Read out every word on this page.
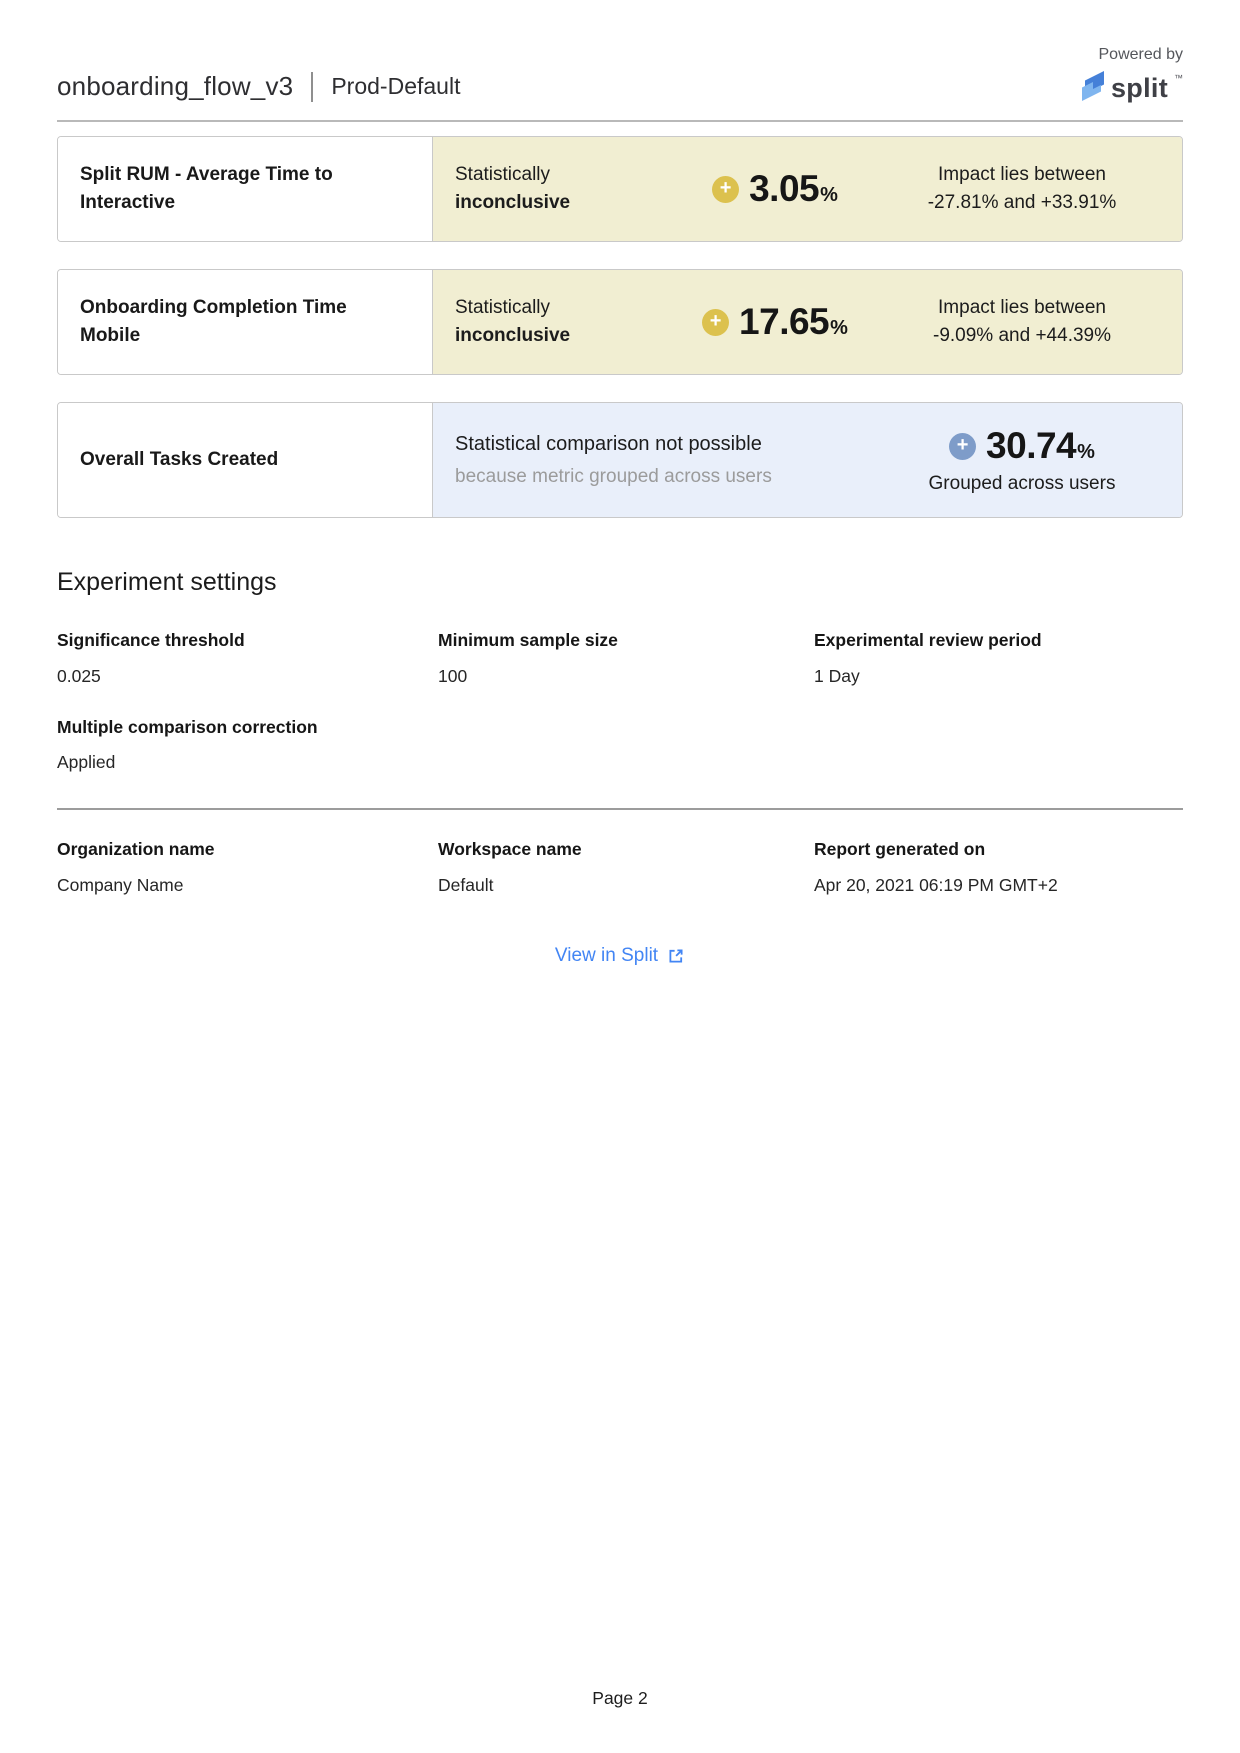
onboarding_flow_v3 Prod-Default
Powered by
split ™
Split RUM - Average Time to Interactive
Statistically
inconclusive
+ 3.05 %
Impact lies between
-27.81% and +33.91%
Onboarding Completion Time Mobile
Statistically
inconclusive
+ 17.65 %
Impact lies between
-9.09% and +44.39%
Overall Tasks Created
Statistical comparison not possible
because metric grouped across users
+ 30.74 %
Grouped across users
Experiment settings
Significance threshold
0.025
Minimum sample size
100
Experimental review period
1 Day
Multiple comparison correction
Applied
Organization name
Company Name
Workspace name
Default
Report generated on
Apr 20, 2021 06:19 PM GMT+2
View in Split
Page 2
